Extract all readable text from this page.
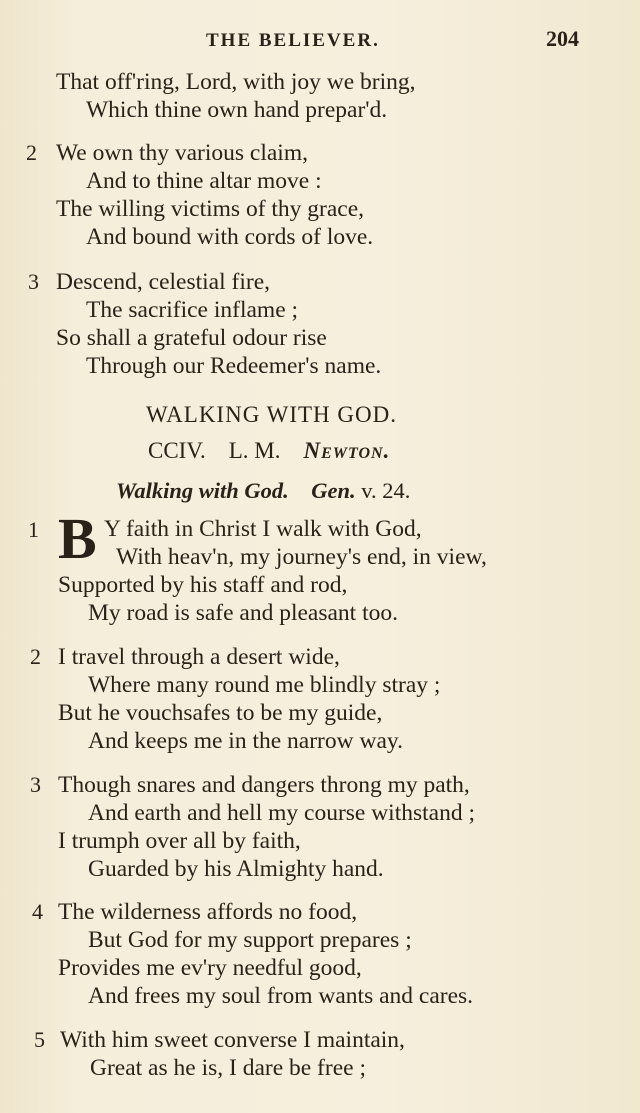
THE BELIEVER.	204
That off'ring, Lord, with joy we bring,
Which thine own hand prepar'd.
2 We own thy various claim,
And to thine altar move :
The willing victims of thy grace,
And bound with cords of love.
3 Descend, celestial fire,
The sacrifice inflame ;
So shall a grateful odour rise
Through our Redeemer's name.
WALKING WITH GOD.
CCIV. L. M. Newton.
Walking with God. Gen. v. 24.
1 B Y faith in Christ I walk with God,
With heav'n, my journey's end, in view,
Supported by his staff and rod,
My road is safe and pleasant too.
2 I travel through a desert wide,
Where many round me blindly stray ;
But he vouchsafes to be my guide,
And keeps me in the narrow way.
3 Though snares and dangers throng my path,
And earth and hell my course withstand ;
I trumph over all by faith,
Guarded by his Almighty hand.
4 The wilderness affords no food,
But God for my support prepares ;
Provides me ev'ry needful good,
And frees my soul from wants and cares.
5 With him sweet converse I maintain,
Great as he is, I dare be free ;
